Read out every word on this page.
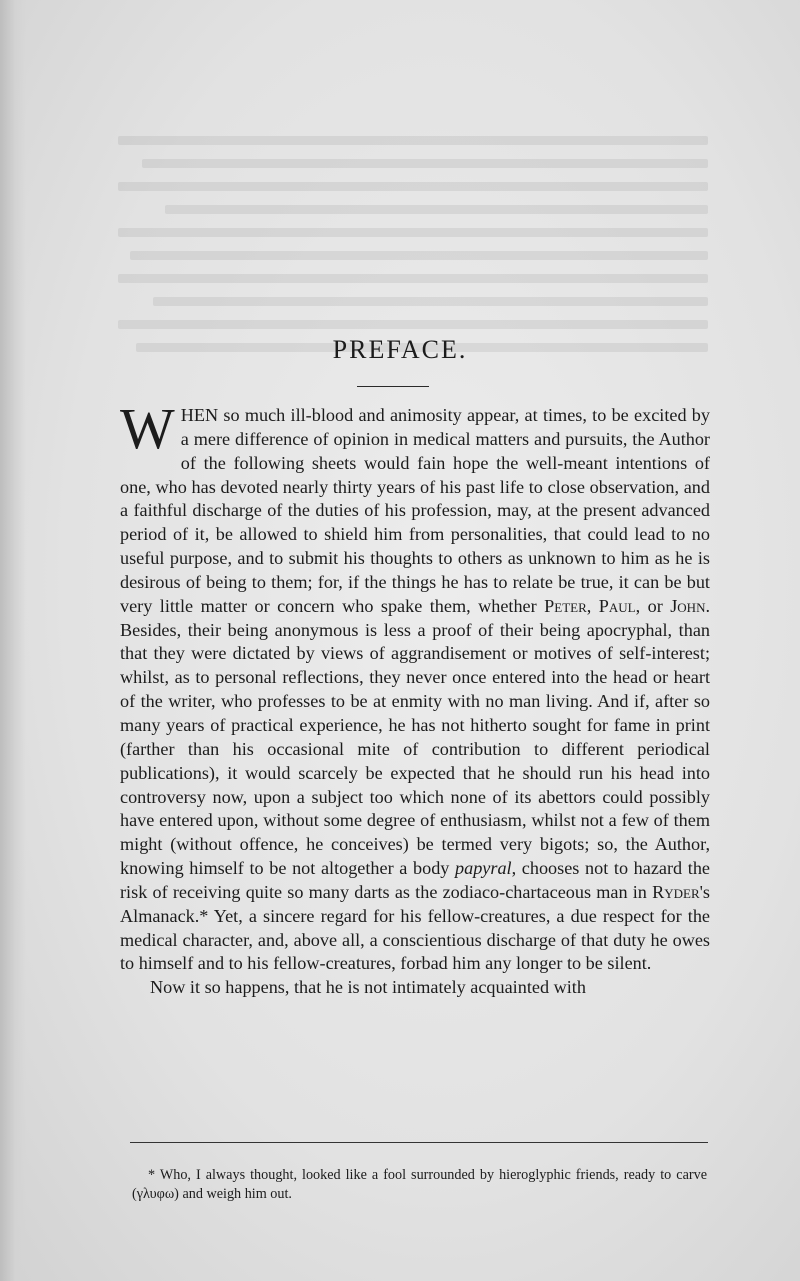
PREFACE.

WHEN so much ill-blood and animosity appear, at times, to be excited by a mere difference of opinion in medical matters and pursuits, the Author of the following sheets would fain hope the well-meant intentions of one, who has devoted nearly thirty years of his past life to close observation, and a faithful discharge of the duties of his profession, may, at the present advanced period of it, be allowed to shield him from personalities, that could lead to no useful purpose, and to submit his thoughts to others as unknown to him as he is desirous of being to them; for, if the things he has to relate be true, it can be but very little matter or concern who spake them, whether Peter, Paul, or John. Besides, their being anonymous is less a proof of their being apocryphal, than that they were dictated by views of aggrandisement or motives of self-interest; whilst, as to personal reflections, they never once entered into the head or heart of the writer, who professes to be at enmity with no man living. And if, after so many years of practical experience, he has not hitherto sought for fame in print (farther than his occasional mite of contribution to different periodical publications), it would scarcely be expected that he should run his head into controversy now, upon a subject too which none of its abettors could possibly have entered upon, without some degree of enthusiasm, whilst not a few of them might (without offence, he conceives) be termed very bigots; so, the Author, knowing himself to be not altogether a body papyral, chooses not to hazard the risk of receiving quite so many darts as the zodiaco-chartaceous man in Ryder's Almanack.* Yet, a sincere regard for his fellow-creatures, a due respect for the medical character, and, above all, a conscientious discharge of that duty he owes to himself and to his fellow-creatures, forbad him any longer to be silent.

Now it so happens, that he is not intimately acquainted with

* Who, I always thought, looked like a fool surrounded by hieroglyphic friends, ready to carve (γλυφω) and weigh him out.
